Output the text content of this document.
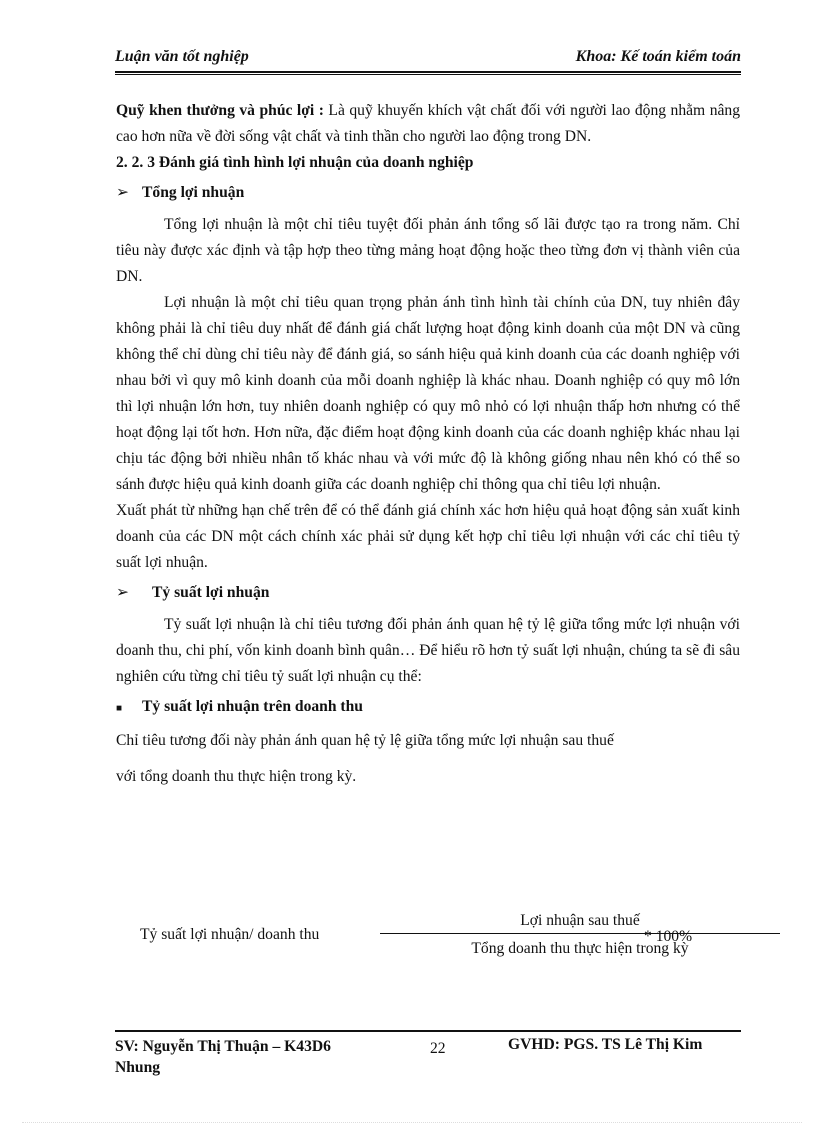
Luận văn tốt nghiệp	Khoa: Kế toán kiểm toán

Quỹ khen thưởng và phúc lợi : Là quỹ khuyến khích vật chất đối với người lao động nhằm nâng cao hơn nữa về đời sống vật chất và tinh thần cho người lao động trong DN.

2. 2. 3 Đánh giá tình hình lợi nhuận của doanh nghiệp

➢ Tổng lợi nhuận

Tổng lợi nhuận là một chỉ tiêu tuyệt đối phản ánh tổng số lãi được tạo ra trong năm. Chỉ tiêu này được xác định và tập hợp theo từng mảng hoạt động hoặc theo từng đơn vị thành viên của DN.

Lợi nhuận là một chỉ tiêu quan trọng phản ánh tình hình tài chính của DN, tuy nhiên đây không phải là chỉ tiêu duy nhất để đánh giá chất lượng hoạt động kinh doanh của một DN và cũng không thể chỉ dùng chỉ tiêu này để đánh giá, so sánh hiệu quả kinh doanh của các doanh nghiệp với nhau bởi vì quy mô kinh doanh của mỗi doanh nghiệp là khác nhau. Doanh nghiệp có quy mô lớn thì lợi nhuận lớn hơn, tuy nhiên doanh nghiệp có quy mô nhỏ có lợi nhuận thấp hơn nhưng có thể hoạt động lại tốt hơn. Hơn nữa, đặc điểm hoạt động kinh doanh của các doanh nghiệp khác nhau lại chịu tác động bởi nhiều nhân tố khác nhau và với mức độ là không giống nhau nên khó có thể so sánh được hiệu quả kinh doanh giữa các doanh nghiệp chỉ thông qua chỉ tiêu lợi nhuận.

Xuất phát từ những hạn chế trên để có thể đánh giá chính xác hơn hiệu quả hoạt động sản xuất kinh doanh của các DN một cách chính xác phải sử dụng kết hợp chỉ tiêu lợi nhuận với các chỉ tiêu tỷ suất lợi nhuận.

➢	Tỷ suất lợi nhuận

Tỷ suất lợi nhuận là chỉ tiêu tương đối phản ánh quan hệ tỷ lệ giữa tổng mức lợi nhuận với doanh thu, chi phí, vốn kinh doanh bình quân… Để hiểu rõ hơn tỷ suất lợi nhuận, chúng ta sẽ đi sâu nghiên cứu từng chỉ tiêu tỷ suất lợi nhuận cụ thể:

■	Tỷ suất lợi nhuận trên doanh thu

Chỉ tiêu tương đối này phản ánh quan hệ tỷ lệ giữa tổng mức lợi nhuận sau thuế

với tổng doanh thu thực hiện trong kỳ.

Tỷ suất lợi nhuận/ doanh thu
Lợi nhuận sau thuế
Tổng doanh thu thực hiện trong kỳ
* 100%
SV: Nguyễn Thị Thuận – K43D6
Nhung
22	GVHD: PGS. TS Lê Thị Kim
